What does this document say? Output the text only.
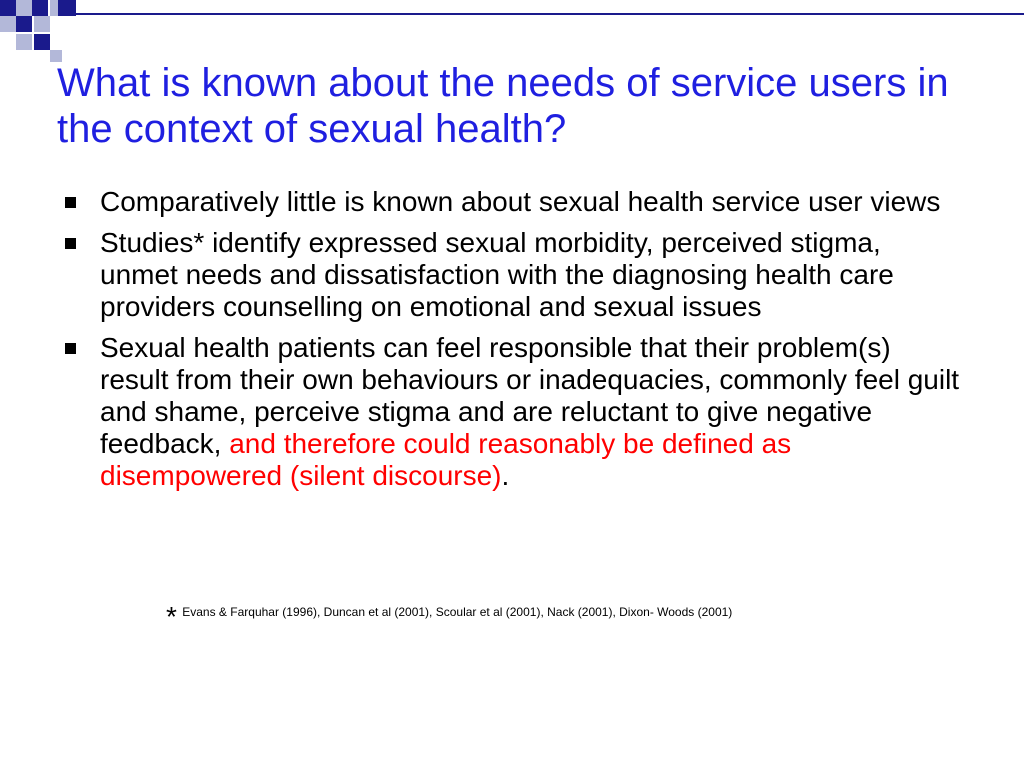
What is known about the needs of service users in the context of sexual health?
Comparatively little is known about sexual health service user views
Studies* identify expressed sexual morbidity, perceived stigma, unmet needs and dissatisfaction with the diagnosing health care providers counselling on emotional and sexual issues
Sexual health patients can feel responsible that their problem(s) result from their own behaviours or inadequacies, commonly feel guilt and shame, perceive stigma and are reluctant to give negative feedback, and therefore could reasonably be defined as disempowered (silent discourse).
* Evans & Farquhar (1996), Duncan et al (2001), Scoular et al (2001), Nack (2001), Dixon- Woods (2001)
